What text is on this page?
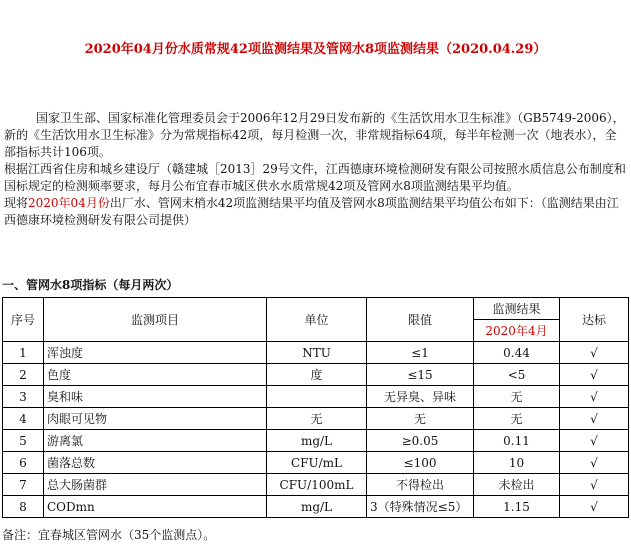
2020年04月份水质常规42项监测结果及管网水8项监测结果（2020.04.29）

国家卫生部、国家标准化管理委员会于2006年12月29日发布新的《生活饮用水卫生标准》（GB5749-2006），新的《生活饮用水卫生标准》分为常规指标42项，每月检测一次，非常规指标64项，每半年检测一次（地表水），全部指标共计106项。

根据江西省住房和城乡建设厅（赣建城［2013］29号文件，江西德康环境检测研发有限公司按照水质信息公布制度和国标规定的检测频率要求，每月公布宜春市城区供水水质常规42项及管网水8项监测结果平均值。

现将2020年04月份出厂水、管网末梢水42项监测结果平均值及管网水8项监测结果平均值公布如下：（监测结果由江西德康环境检测研发有限公司提供）

一、管网水8项指标（每月两次）
序号	监测项目	单位	限值	监测结果	达标
				2020年4月	
1	浑浊度	NTU	≤1	0.44	√
2	色度	度	≤15	<5	√
3	臭和味		无异臭、异味	无	√
4	肉眼可见物	无	无	无	√
5	游离氯	mg/L	≥0.05	0.11	√
6	菌落总数	CFU/mL	≤100	10	√
7	总大肠菌群	CFU/100mL	不得检出	未检出	√
8	CODmn	mg/L	3（特殊情况≤5）	1.15	√
备注：宜春城区管网水（35个监测点）。
